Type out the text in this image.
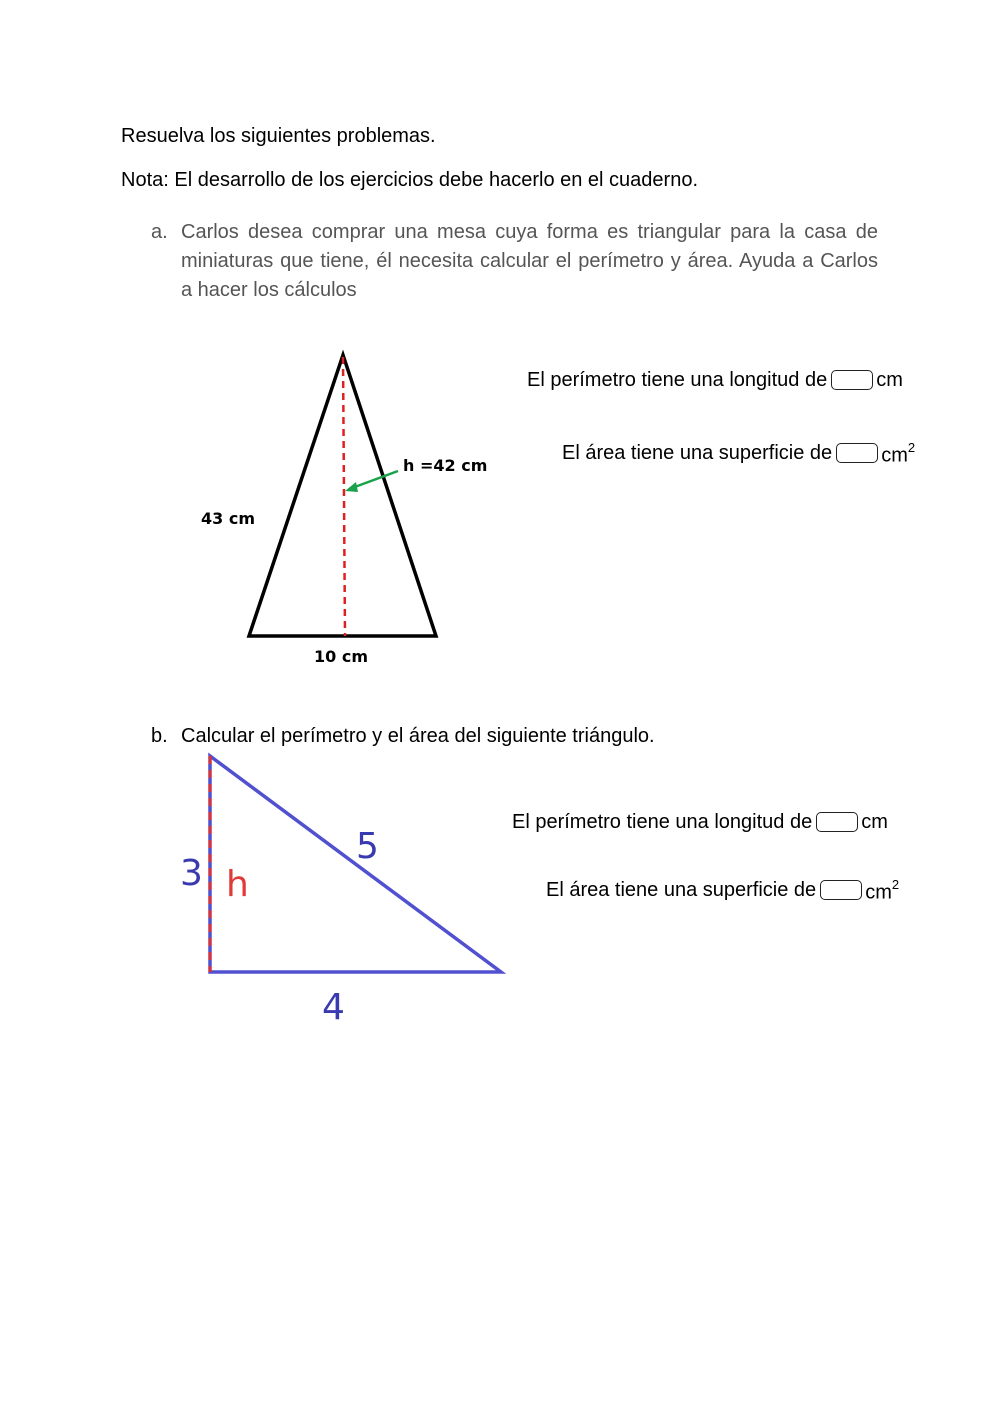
Resuelva los siguientes problemas.
Nota: El desarrollo de los ejercicios debe hacerlo en el cuaderno.
a. Carlos desea comprar una mesa cuya forma es triangular para la casa de miniaturas que tiene, él necesita calcular el perímetro y área. Ayuda a Carlos a hacer los cálculos
h =42 cm
43 cm
10 cm
3 h
5
4
El perímetro tiene una longitud de cm
El área tiene una superficie de $cm^2$
b. Calcular el perímetro y el área del siguiente triángulo.
El perímetro tiene una longitud de cm
El área tiene una superficie de $cm^2$
